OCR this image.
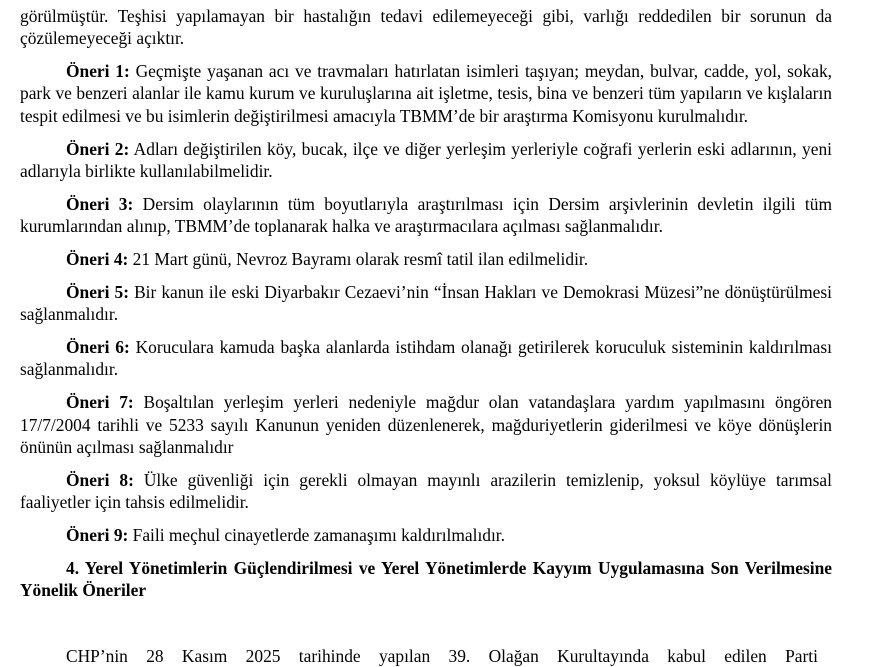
görülmüştür. Teşhisi yapılamayan bir hastalığın tedavi edilemeyeceği gibi, varlığı reddedilen bir sorunun da çözülemeyeceği açıktır.

Öneri 1: Geçmişte yaşanan acı ve travmaları hatırlatan isimleri taşıyan; meydan, bulvar, cadde, yol, sokak, park ve benzeri alanlar ile kamu kurum ve kuruluşlarına ait işletme, tesis, bina ve benzeri tüm yapıların ve kışlaların tespit edilmesi ve bu isimlerin değiştirilmesi amacıyla TBMM’de bir araştırma Komisyonu kurulmalıdır.

Öneri 2: Adları değiştirilen köy, bucak, ilçe ve diğer yerleşim yerleriyle coğrafi yerlerin eski adlarının, yeni adlarıyla birlikte kullanılabilmelidir.

Öneri 3: Dersim olaylarının tüm boyutlarıyla araştırılması için Dersim arşivlerinin devletin ilgili tüm kurumlarından alınıp, TBMM’de toplanarak halka ve araştırmacılara açılması sağlanmalıdır.

Öneri 4: 21 Mart günü, Nevroz Bayramı olarak resmî tatil ilan edilmelidir.

Öneri 5: Bir kanun ile eski Diyarbakır Cezaevi’nin “İnsan Hakları ve Demokrasi Müzesi”ne dönüştürülmesi sağlanmalıdır.

Öneri 6: Korucularа kamuda başka alanlarda istihdam olanağı getirilerek koruculuk sisteminin kaldırılması sağlanmalıdır.

Öneri 7: Boşaltılan yerleşim yerleri nedeniyle mağdur olan vatandaşlara yardım yapılmasını öngören 17/7/2004 tarihli ve 5233 sayılı Kanunun yeniden düzenlenerek, mağduriyetlerin giderilmesi ve köye dönüşlerin önünün açılması sağlanmalıdır

Öneri 8: Ülke güvenliği için gerekli olmayan mayınlı arazilerin temizlenip, yoksul köylüye tarımsal faaliyetler için tahsis edilmelidir.

Öneri 9: Faili meçhul cinayetlerde zamanaşımı kaldırılmalıdır.

4. Yerel Yönetimlerin Güçlendirilmesi ve Yerel Yönetimlerde Kayyım Uygulamasına Son Verilmesine Yönelik Öneriler

CHP’nin 28 Kasım 2025 tarihinde yapılan 39. Olağan Kurultayında kabul edilen Parti
